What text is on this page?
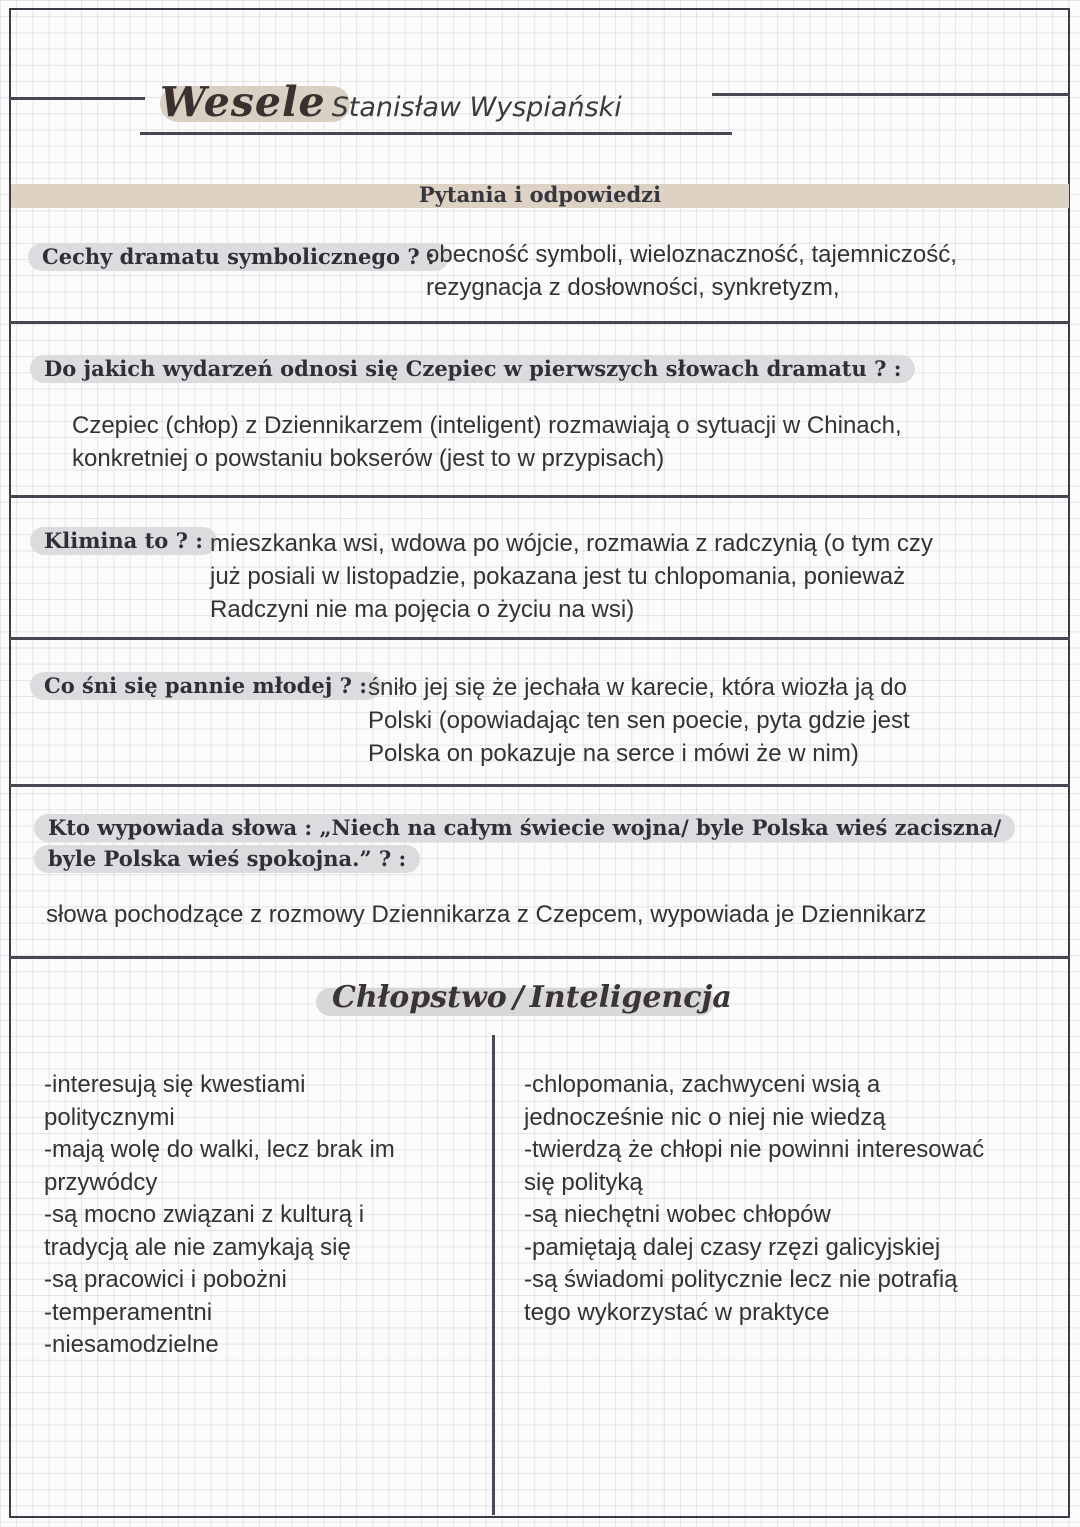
Wesele Stanisław Wyspiański
Pytania i odpowiedzi
Cechy dramatu symbolicznego ? :
obecność symboli, wieloznaczność, tajemniczość,
rezygnacja z dosłowności, synkretyzm,
Do jakich wydarzeń odnosi się Czepiec w pierwszych słowach dramatu ? :
Czepiec (chłop) z Dziennikarzem (inteligent) rozmawiają o sytuacji w Chinach,
konkretniej o powstaniu bokserów (jest to w przypisach)
Klimina to ? : mieszkanka wsi, wdowa po wójcie, rozmawia z radczynią (o tym czy
już posiali w listopadzie, pokazana jest tu chlopomania, ponieważ
Radczyni nie ma pojęcia o życiu na wsi)
Co śni się pannie młodej ? : śniło jej się że jechała w karecie, która wiozła ją do
Polski (opowiadając ten sen poecie, pyta gdzie jest
Polska on pokazuje na serce i mówi że w nim)
Kto wypowiada słowa : „Niech na całym świecie wojna/ byle Polska wieś zaciszna/
byle Polska wieś spokojna.” ? :
słowa pochodzące z rozmowy Dziennikarza z Czepcem, wypowiada je Dziennikarz
Chłopstwo / Inteligencja
-interesują się kwestiami
politycznymi
-mają wolę do walki, lecz brak im
przywódcy
-są mocno związani z kulturą i
tradycją ale nie zamykają się
-są pracowici i pobożni
-temperamentni
-niesamodzielne
-chlopomania, zachwyceni wsią a
jednocześnie nic o niej nie wiedzą
-twierdzą że chłopi nie powinni interesować
się polityką
-są niechętni wobec chłopów
-pamiętają dalej czasy rzęzi galicyjskiej
-są świadomi politycznie lecz nie potrafią
tego wykorzystać w praktyce
